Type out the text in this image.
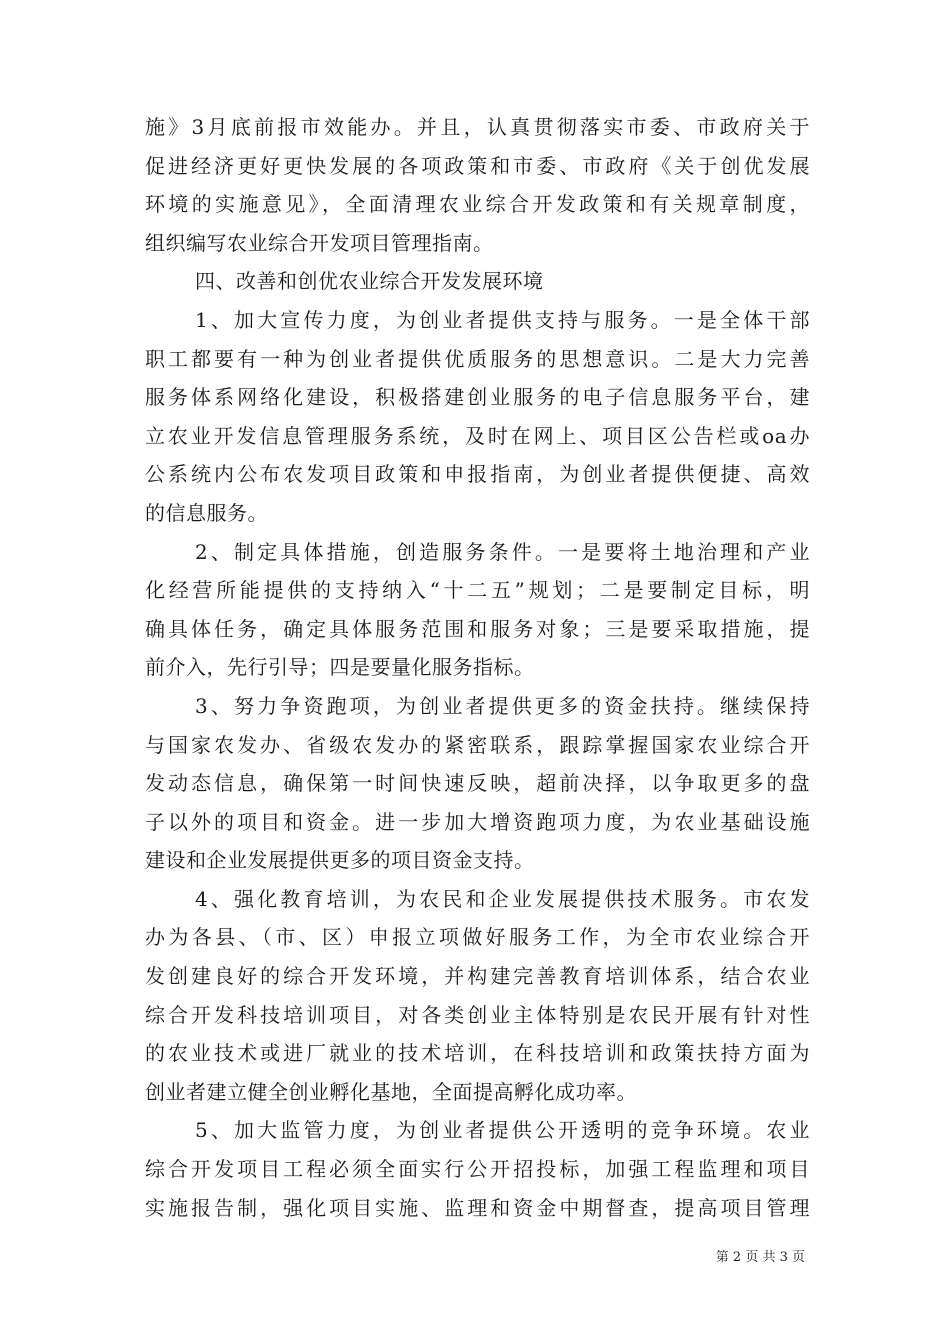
施》3月底前报市效能办。并且，认真贯彻落实市委、市政府关于
促进经济更好更快发展的各项政策和市委、市政府《关于创优发展
环境的实施意见》，全面清理农业综合开发政策和有关规章制度，
组织编写农业综合开发项目管理指南。
四、改善和创优农业综合开发发展环境
1、加大宣传力度，为创业者提供支持与服务。一是全体干部
职工都要有一种为创业者提供优质服务的思想意识。二是大力完善
服务体系网络化建设，积极搭建创业服务的电子信息服务平台，建
立农业开发信息管理服务系统，及时在网上、项目区公告栏或oa办
公系统内公布农发项目政策和申报指南，为创业者提供便捷、高效
的信息服务。
2、制定具体措施，创造服务条件。一是要将土地治理和产业
化经营所能提供的支持纳入“十二五”规划；二是要制定目标，明
确具体任务，确定具体服务范围和服务对象；三是要采取措施，提
前介入，先行引导；四是要量化服务指标。
3、努力争资跑项，为创业者提供更多的资金扶持。继续保持
与国家农发办、省级农发办的紧密联系，跟踪掌握国家农业综合开
发动态信息，确保第一时间快速反映，超前决择，以争取更多的盘
子以外的项目和资金。进一步加大增资跑项力度，为农业基础设施
建设和企业发展提供更多的项目资金支持。
4、强化教育培训，为农民和企业发展提供技术服务。市农发
办为各县、（市、区）申报立项做好服务工作，为全市农业综合开
发创建良好的综合开发环境，并构建完善教育培训体系，结合农业
综合开发科技培训项目，对各类创业主体特别是农民开展有针对性
的农业技术或进厂就业的技术培训，在科技培训和政策扶持方面为
创业者建立健全创业孵化基地，全面提高孵化成功率。
5、加大监管力度，为创业者提供公开透明的竞争环境。农业
综合开发项目工程必须全面实行公开招投标，加强工程监理和项目
实施报告制，强化项目实施、监理和资金中期督查，提高项目管理
第 2 页 共 3 页
